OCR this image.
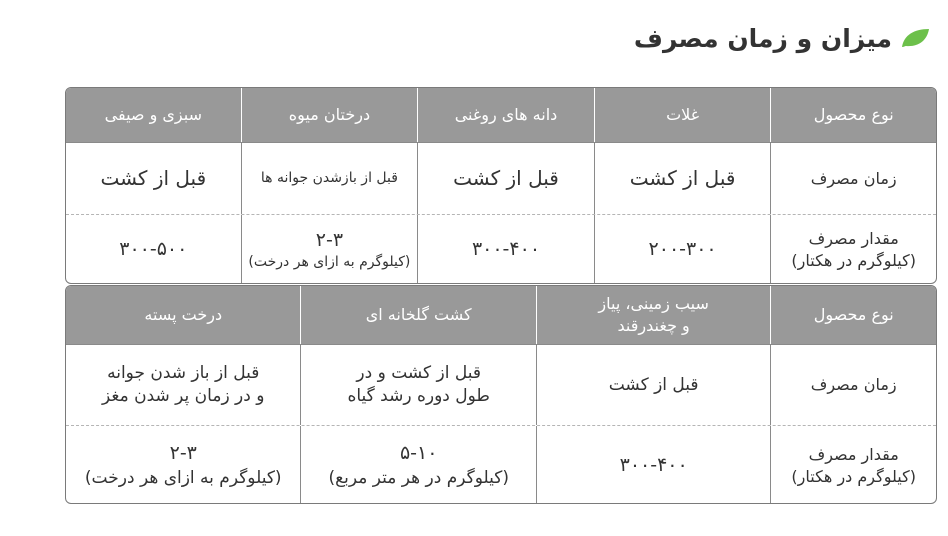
میزان و زمان مصرف
نوع محصول
غلات
دانه های روغنی
درختان میوه
سبزی و صیفی
زمان مصرف
قبل از کشت
قبل از کشت
قبل از بازشدن جوانه ها
قبل از کشت
مقدار مصرف
(کیلوگرم در هکتار)
۲۰۰-۳۰۰
۳۰۰-۴۰۰
۲-۳
(کیلوگرم به ازای هر درخت)
۳۰۰-۵۰۰
نوع محصول
سیب زمینی، پیاز
و چغندرقند
کشت گلخانه ای
درخت پسته
زمان مصرف
قبل از کشت
قبل از کشت و در
طول دوره رشد گیاه
قبل از باز شدن جوانه
و در زمان پر شدن مغز
مقدار مصرف
(کیلوگرم در هکتار)
۳۰۰-۴۰۰
۵-۱۰
(کیلوگرم در هر متر مربع)
۲-۳
(کیلوگرم به ازای هر درخت)
